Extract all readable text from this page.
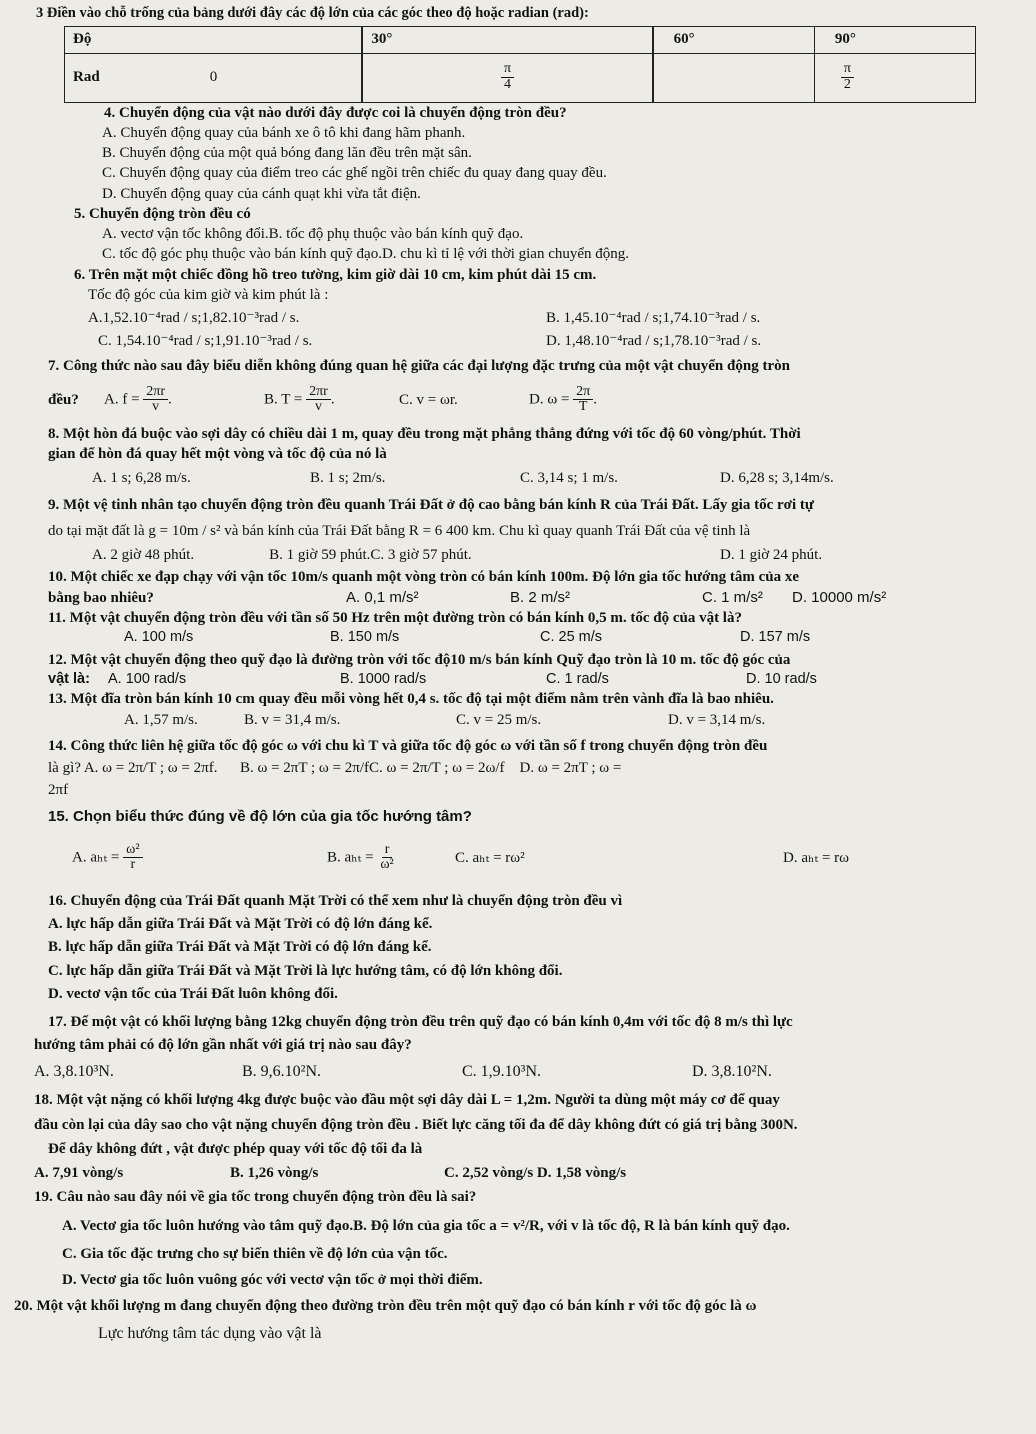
3 Điền vào chỗ trống của bảng dưới đây các độ lớn của các góc theo độ hoặc radian (rad):
Độ		30°		60°	90°
Rad 0		$\frac{\pi}{4}$			$\frac{\pi}{2}$
4. Chuyển động của vật nào dưới đây được coi là chuyển động tròn đều?
A. Chuyển động quay của bánh xe ô tô khi đang hãm phanh.
B. Chuyển động của một quả bóng đang lăn đều trên mặt sân.
C. Chuyển động quay của điểm treo các ghế ngồi trên chiếc đu quay đang quay đều.
D. Chuyển động quay của cánh quạt khi vừa tắt điện.
5. Chuyển động tròn đều có
A. vectơ vận tốc không đổi.B. tốc độ phụ thuộc vào bán kính quỹ đạo.
C. tốc độ góc phụ thuộc vào bán kính quỹ đạo.D. chu kì tỉ lệ với thời gian chuyển động.
6. Trên mặt một chiếc đồng hồ treo tường, kim giờ dài 10 cm, kim phút dài 15 cm.
Tốc độ góc của kim giờ và kim phút là :
A.1,52.10⁻⁴rad / s;1,82.10⁻³rad / s.	B. 1,45.10⁻⁴rad / s;1,74.10⁻³rad / s.
C. 1,54.10⁻⁴rad / s;1,91.10⁻³rad / s.	D. 1,48.10⁻⁴rad / s;1,78.10⁻³rad / s.
7. Công thức nào sau đây biểu diễn không đúng quan hệ giữa các đại lượng đặc trưng của một vật chuyển động tròn
đều?	A. $f = \frac{2\pi r}{v}$ .	B. $T = \frac{2\pi r}{v}$ .	C. v = ωr.	D. $\omega = \frac{2\pi}{T}$ .
8. Một hòn đá buộc vào sợi dây có chiều dài 1 m, quay đều trong mặt phẳng thẳng đứng với tốc độ 60 vòng/phút. Thời
gian để hòn đá quay hết một vòng và tốc độ của nó là
A. 1 s; 6,28 m/s.	B. 1 s; 2m/s.	C. 3,14 s; 1 m/s.	D. 6,28 s; 3,14m/s.
9. Một vệ tinh nhân tạo chuyển động tròn đều quanh Trái Đất ở độ cao bằng bán kính R của Trái Đất. Lấy gia tốc rơi tự
do tại mặt đất là g = 10m / s² và bán kính của Trái Đất bằng R = 6 400 km. Chu kì quay quanh Trái Đất của vệ tinh là
A. 2 giờ 48 phút.                    B. 1 giờ 59 phút.C. 3 giờ 57 phút.	D. 1 giờ 24 phút.
10. Một chiếc xe đạp chạy với vận tốc 10m/s quanh một vòng tròn có bán kính 100m. Độ lớn gia tốc hướng tâm của xe
bằng bao nhiêu?	A. 0,1 m/s²	B. 2 m/s²	C. 1 m/s²	D. 10000 m/s²
11. Một vật chuyển động tròn đều với tần số 50 Hz trên một đường tròn có bán kính 0,5 m. tốc độ của vật là?
A. 100 m/s	B. 150 m/s	C. 25 m/s	D. 157 m/s
12. Một vật chuyển động theo quỹ đạo là đường tròn với tốc độ10 m/s bán kính Quỹ đạo tròn là 10 m. tốc độ góc của
vật là:	A. 100 rad/s	B. 1000 rad/s	C. 1 rad/s	D. 10 rad/s
13. Một đĩa tròn bán kính 10 cm quay đều mỗi vòng hết 0,4 s. tốc độ tại một điểm nằm trên vành đĩa là bao nhiêu.
A. 1,57 m/s.	B. v = 31,4 m/s.	C. v = 25 m/s.	D. v = 3,14 m/s.
14. Công thức liên hệ giữa tốc độ góc ω với chu kì T và giữa tốc độ góc ω với tần số f trong chuyển động tròn đều
là gì? A. ω = 2π/T ; ω = 2πf.      B. ω = 2πT ; ω = 2π/fC. ω = 2π/T ; ω = 2ω/f    D. ω = 2πT ; ω =
2πf
15. Chọn biểu thức đúng về độ lớn của gia tốc hướng tâm?
A. $a_{ht} = \frac{\text{ω²}}{r}$	B. $a_{ht} = \frac{r}{\text{ω²}}$	C. aₕₜ = rω²	D. aₕₜ = rω
16. Chuyển động của Trái Đất quanh Mặt Trời có thể xem như là chuyển động tròn đều vì
A. lực hấp dẫn giữa Trái Đất và Mặt Trời có độ lớn đáng kể.
B. lực hấp dẫn giữa Trái Đất và Mặt Trời có độ lớn đáng kể.
C. lực hấp dẫn giữa Trái Đất và Mặt Trời là lực hướng tâm, có độ lớn không đổi.
D. vectơ vận tốc của Trái Đất luôn không đổi.
17. Để một vật có khối lượng bằng 12kg chuyển động tròn đều trên quỹ đạo có bán kính 0,4m với tốc độ 8 m/s thì lực
hướng tâm phải có độ lớn gần nhất với giá trị nào sau đây?
A. 3,8.10³N.	B. 9,6.10²N.	C. 1,9.10³N.	D. 3,8.10²N.
18. Một vật nặng có khối lượng 4kg được buộc vào đầu một sợi dây dài L = 1,2m. Người ta dùng một máy cơ để quay
đầu còn lại của dây sao cho vật nặng chuyển động tròn đều . Biết lực căng tối đa để dây không đứt có giá trị bằng 300N.
Để dây không đứt , vật được phép quay với tốc độ tối đa là
A. 7,91 vòng/s	B. 1,26 vòng/s	C. 2,52 vòng/s D. 1,58 vòng/s
19. Câu nào sau đây nói về gia tốc trong chuyển động tròn đều là sai?
A. Vectơ gia tốc luôn hướng vào tâm quỹ đạo.B. Độ lớn của gia tốc a = v²/R, với v là tốc độ, R là bán kính quỹ đạo.
C. Gia tốc đặc trưng cho sự biến thiên về độ lớn của vận tốc.
D. Vectơ gia tốc luôn vuông góc với vectơ vận tốc ở mọi thời điểm.
20. Một vật khối lượng m đang chuyển động theo đường tròn đều trên một quỹ đạo có bán kính r với tốc độ góc là ω
Lực hướng tâm tác dụng vào vật là
